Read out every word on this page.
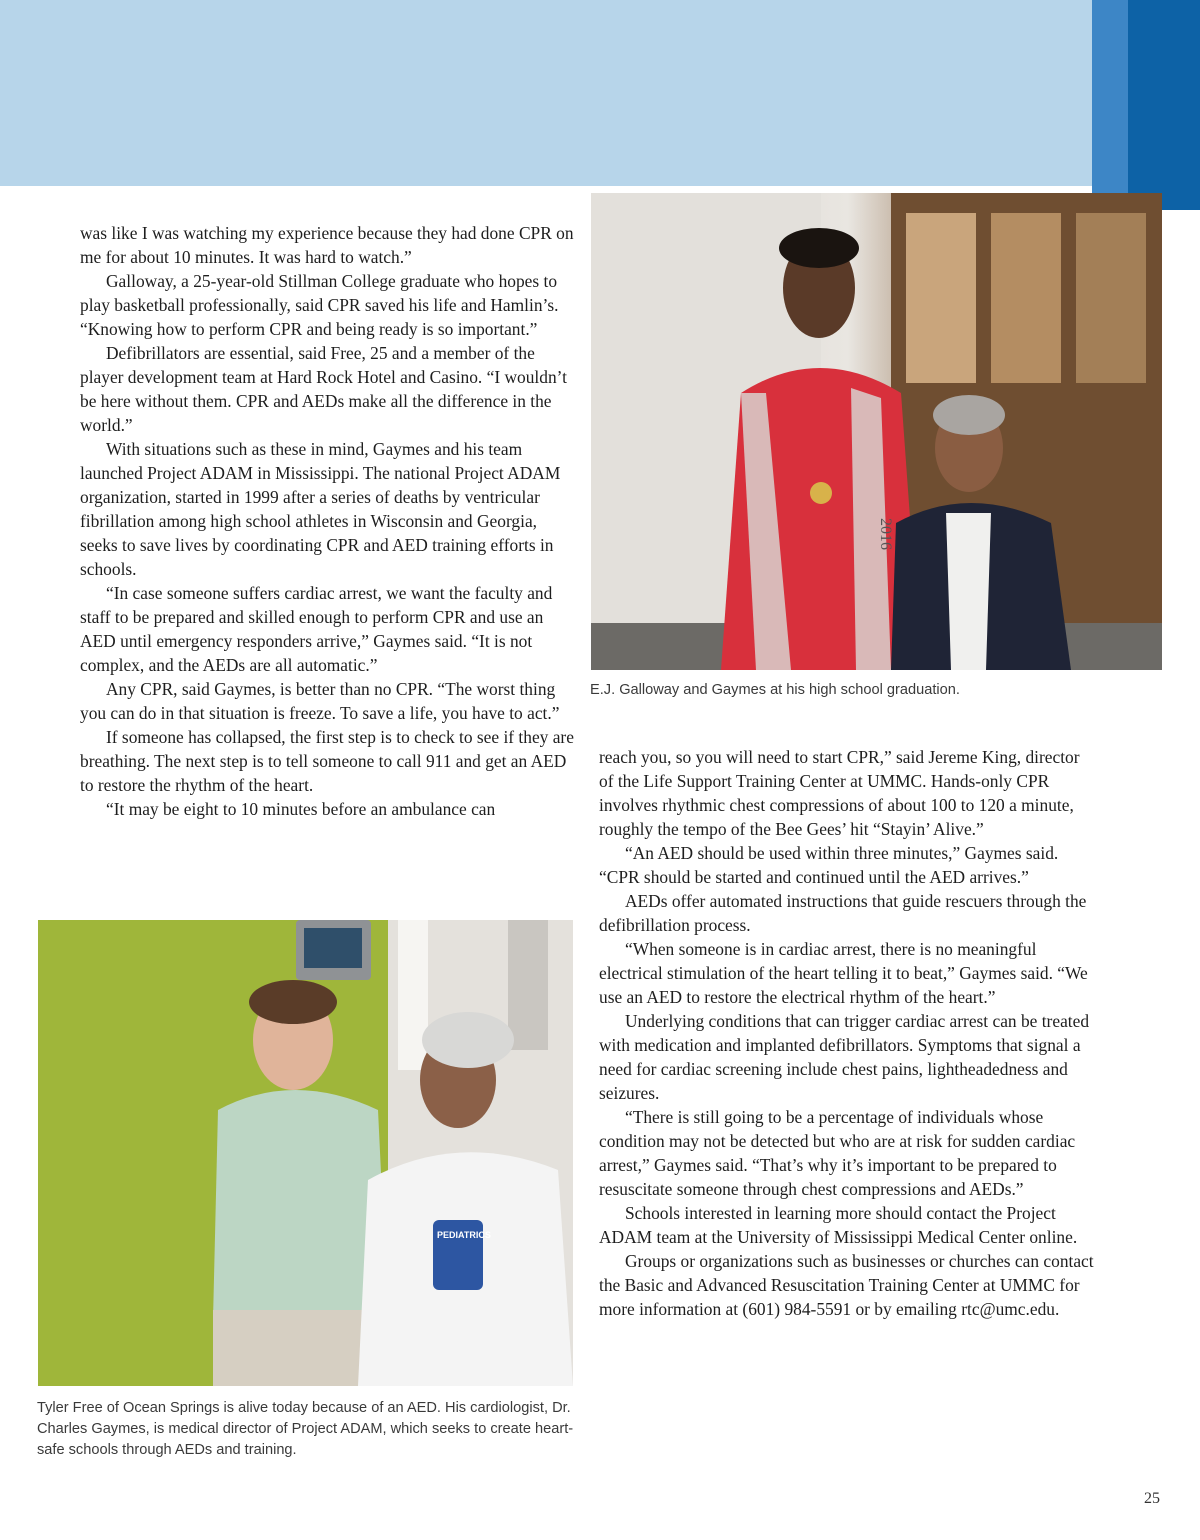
was like I was watching my experience because they had done CPR on me for about 10 minutes. It was hard to watch.”

Galloway, a 25-year-old Stillman College graduate who hopes to play basketball professionally, said CPR saved his life and Hamlin’s. “Knowing how to perform CPR and being ready is so important.”

Defibrillators are essential, said Free, 25 and a member of the player development team at Hard Rock Hotel and Casino. “I wouldn’t be here without them. CPR and AEDs make all the difference in the world.”

With situations such as these in mind, Gaymes and his team launched Project ADAM in Mississippi. The national Project ADAM organization, started in 1999 after a series of deaths by ventricular fibrillation among high school athletes in Wisconsin and Georgia, seeks to save lives by coordinating CPR and AED training efforts in schools.

“In case someone suffers cardiac arrest, we want the faculty and staff to be prepared and skilled enough to perform CPR and use an AED until emergency responders arrive,” Gaymes said. “It is not complex, and the AEDs are all automatic.”

Any CPR, said Gaymes, is better than no CPR. “The worst thing you can do in that situation is freeze. To save a life, you have to act.”

If someone has collapsed, the first step is to check to see if they are breathing. The next step is to tell someone to call 911 and get an AED to restore the rhythm of the heart.

“It may be eight to 10 minutes before an ambulance can

2016
E.J. Galloway and Gaymes at his high school graduation.
PEDIATRICS
Tyler Free of Ocean Springs is alive today because of an AED. His cardiologist, Dr. Charles Gaymes, is medical director of Project ADAM, which seeks to create heart-safe schools through AEDs and training.

reach you, so you will need to start CPR,” said Jereme King, director of the Life Support Training Center at UMMC. Hands-only CPR involves rhythmic chest compressions of about 100 to 120 a minute, roughly the tempo of the Bee Gees’ hit “Stayin’ Alive.”

“An AED should be used within three minutes,” Gaymes said. “CPR should be started and continued until the AED arrives.”

AEDs offer automated instructions that guide rescuers through the defibrillation process.

“When someone is in cardiac arrest, there is no meaningful electrical stimulation of the heart telling it to beat,” Gaymes said. “We use an AED to restore the electrical rhythm of the heart.”

Underlying conditions that can trigger cardiac arrest can be treated with medication and implanted defibrillators. Symptoms that signal a need for cardiac screening include chest pains, lightheadedness and seizures.

“There is still going to be a percentage of individuals whose condition may not be detected but who are at risk for sudden cardiac arrest,” Gaymes said. “That’s why it’s important to be prepared to resuscitate someone through chest compressions and AEDs.”

Schools interested in learning more should contact the Project ADAM team at the University of Mississippi Medical Center online.

Groups or organizations such as businesses or churches can contact the Basic and Advanced Resuscitation Training Center at UMMC for more information at (601) 984-5591 or by emailing rtc@umc.edu.

25
